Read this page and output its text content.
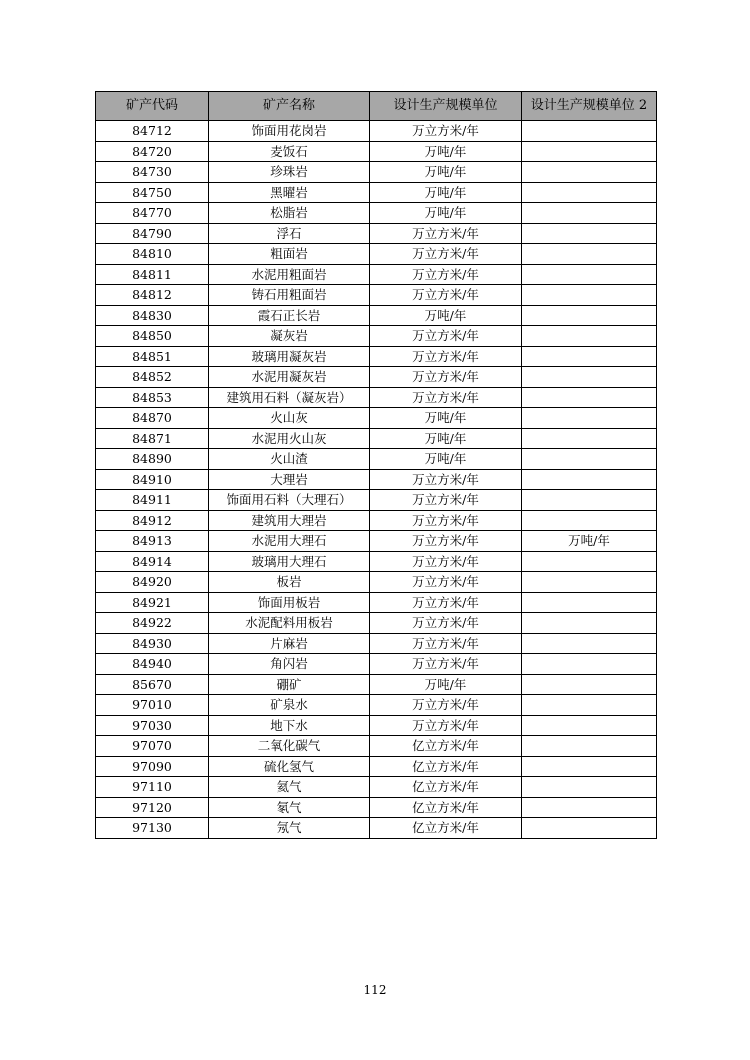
矿产代码	矿产名称	设计生产规模单位	设计生产规模单位 2
84712	饰面用花岗岩	万立方米/年	
84720	麦饭石	万吨/年	
84730	珍珠岩	万吨/年	
84750	黑曜岩	万吨/年	
84770	松脂岩	万吨/年	
84790	浮石	万立方米/年	
84810	粗面岩	万立方米/年	
84811	水泥用粗面岩	万立方米/年	
84812	铸石用粗面岩	万立方米/年	
84830	霞石正长岩	万吨/年	
84850	凝灰岩	万立方米/年	
84851	玻璃用凝灰岩	万立方米/年	
84852	水泥用凝灰岩	万立方米/年	
84853	建筑用石料（凝灰岩）	万立方米/年	
84870	火山灰	万吨/年	
84871	水泥用火山灰	万吨/年	
84890	火山渣	万吨/年	
84910	大理岩	万立方米/年	
84911	饰面用石料（大理石）	万立方米/年	
84912	建筑用大理岩	万立方米/年	
84913	水泥用大理石	万立方米/年	万吨/年
84914	玻璃用大理石	万立方米/年	
84920	板岩	万立方米/年	
84921	饰面用板岩	万立方米/年	
84922	水泥配料用板岩	万立方米/年	
84930	片麻岩	万立方米/年	
84940	角闪岩	万立方米/年	
85670	硼矿	万吨/年	
97010	矿泉水	万立方米/年	
97030	地下水	万立方米/年	
97070	二氧化碳气	亿立方米/年	
97090	硫化氢气	亿立方米/年	
97110	氦气	亿立方米/年	
97120	氡气	亿立方米/年	
97130	氖气	亿立方米/年	
112
